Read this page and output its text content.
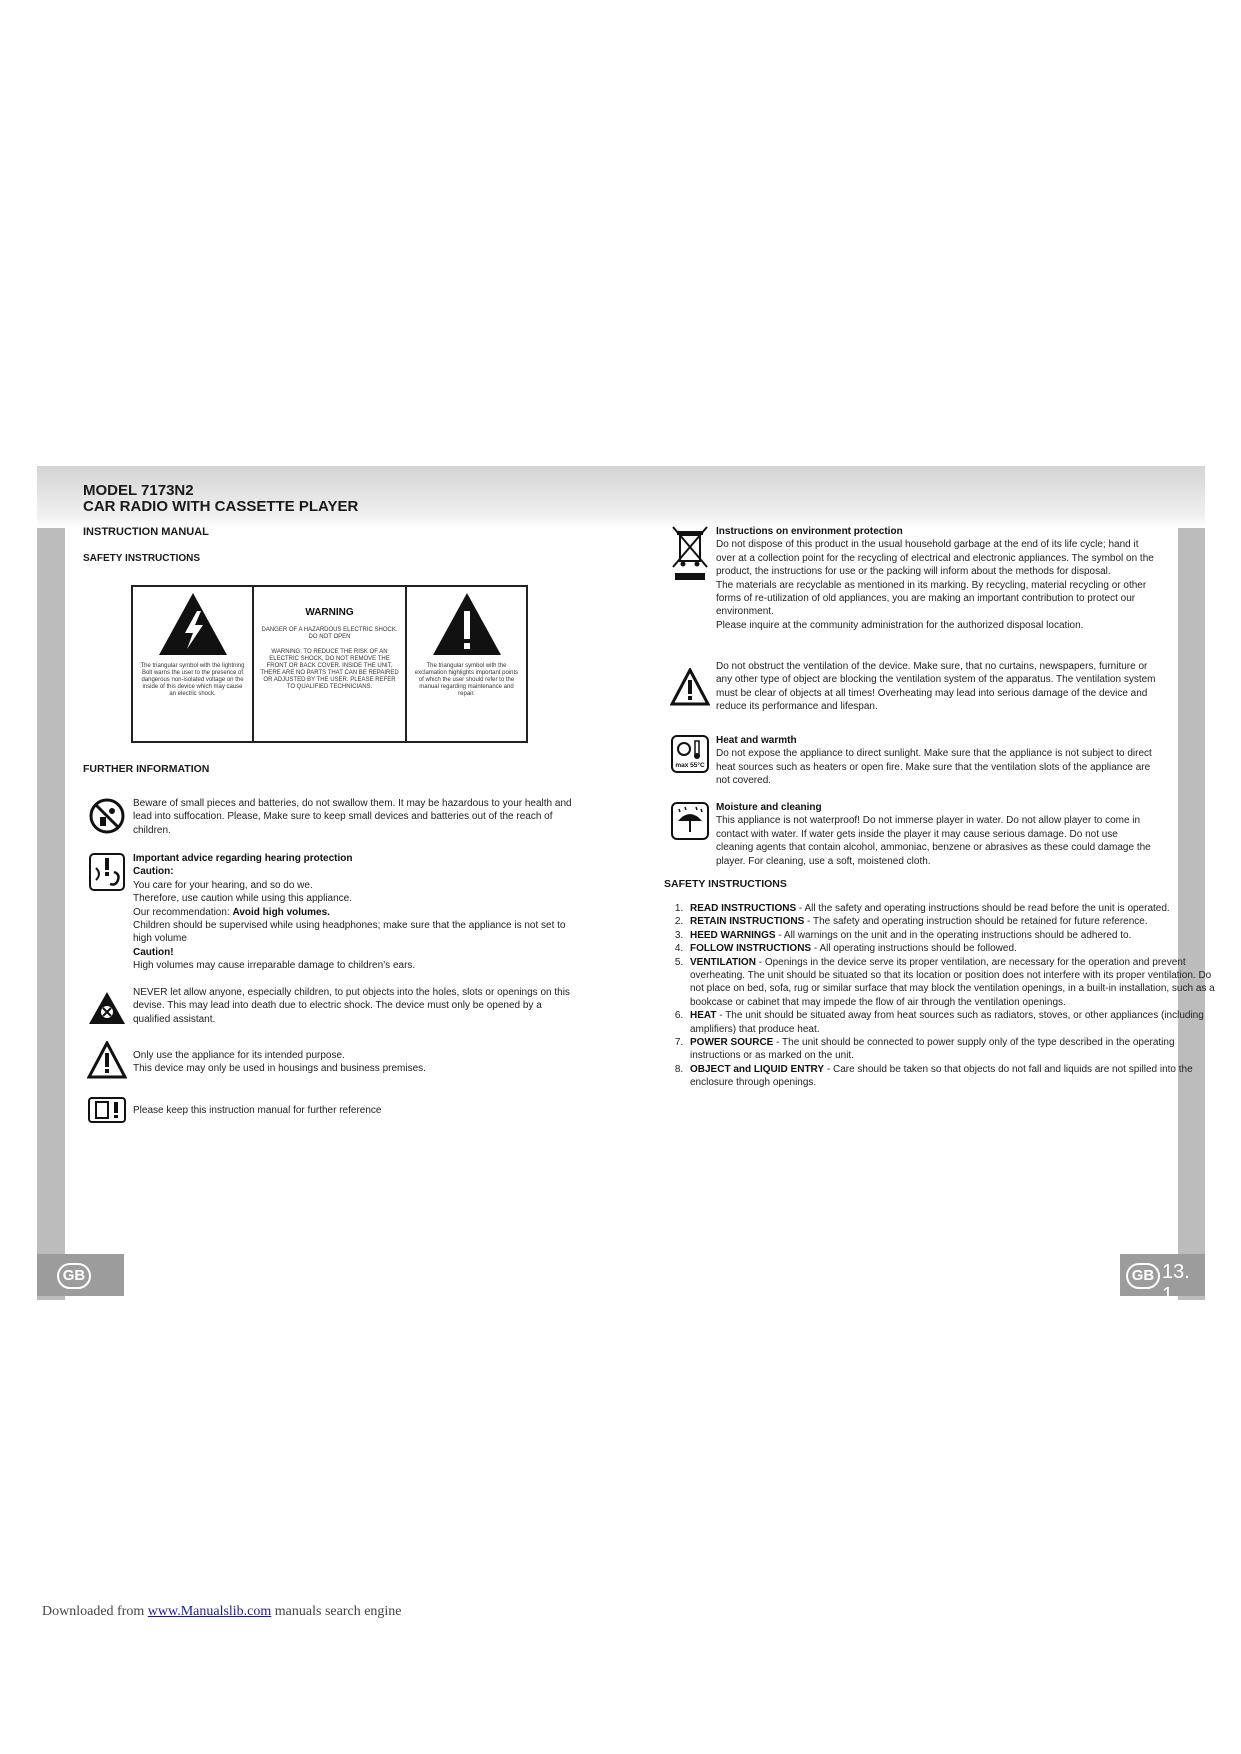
MODEL 7173N2
CAR RADIO WITH CASSETTE PLAYER
INSTRUCTION MANUAL
SAFETY INSTRUCTIONS
The triangular symbol with the lightning Bolt warns the user to the presence of dangerous non-isolated voltage on the inside of this device which may cause an electric shock.
WARNING
DANGER OF A HAZARDOUS ELECTRIC SHOCK. DO NOT OPEN
WARNING: TO REDUCE THE RISK OF AN ELECTRIC SHOCK, DO NOT REMOVE THE FRONT OR BACK COVER. INSIDE THE UNIT, THERE ARE NO PARTS THAT CAN BE REPAIRED OR ADJUSTED BY THE USER. PLEASE REFER TO QUALIFIED TECHNICIANS.
The triangular symbol with the exclamation highlights important points of which the user should refer to the manual regarding maintenance and repair.
FURTHER INFORMATION
Beware of small pieces and batteries, do not swallow them. It may be hazardous to your health and lead into suffocation. Please, Make sure to keep small devices and batteries out of the reach of children.
Important advice regarding hearing protection
Caution:
You care for your hearing, and so do we.
Therefore, use caution while using this appliance.
Our recommendation: Avoid high volumes.
Children should be supervised while using headphones; make sure that the appliance is not set to high volume
Caution!
High volumes may cause irreparable damage to children’s ears.
NEVER let allow anyone, especially children, to put objects into the holes, slots or openings on this devise. This may lead into death due to electric shock. The device must only be opened by a qualified assistant.
Only use the appliance for its intended purpose.
This device may only be used in housings and business premises.
Please keep this instruction manual for further reference
Instructions on environment protection
Do not dispose of this product in the usual household garbage at the end of its life cycle; hand it over at a collection point for the recycling of electrical and electronic appliances. The symbol on the product, the instructions for use or the packing will inform about the methods for disposal.
The materials are recyclable as mentioned in its marking. By recycling, material recycling or other forms of re-utilization of old appliances, you are making an important contribution to protect our environment.
Please inquire at the community administration for the authorized disposal location.
Do not obstruct the ventilation of the device. Make sure, that no curtains, newspapers, furniture or any other type of object are blocking the ventilation system of the apparatus. The ventilation system must be clear of objects at all times! Overheating may lead into serious damage of the device and reduce its performance and lifespan.
max 55°C
Heat and warmth
Do not expose the appliance to direct sunlight. Make sure that the appliance is not subject to direct heat sources such as heaters or open fire. Make sure that the ventilation slots of the appliance are not covered.
Moisture and cleaning
This appliance is not waterproof! Do not immerse player in water. Do not allow player to come in contact with water. If water gets inside the player it may cause serious damage. Do not use cleaning agents that contain alcohol, ammoniac, benzene or abrasives as these could damage the player. For cleaning, use a soft, moistened cloth.
SAFETY INSTRUCTIONS
1. READ INSTRUCTIONS - All the safety and operating instructions should be read before the unit is operated.
2. RETAIN INSTRUCTIONS - The safety and operating instruction should be retained for future reference.
3. HEED WARNINGS - All warnings on the unit and in the operating instructions should be adhered to.
4. FOLLOW INSTRUCTIONS - All operating instructions should be followed.
5. VENTILATION - Openings in the device serve its proper ventilation, are necessary for the operation and prevent overheating. The unit should be situated so that its location or position does not interfere with its proper ventilation. Do not place on bed, sofa, rug or similar surface that may block the ventilation openings, in a built-in installation, such as a bookcase or cabinet that may impede the flow of air through the ventilation openings.
6. HEAT - The unit should be situated away from heat sources such as radiators, stoves, or other appliances (including amplifiers) that produce heat.
7. POWER SOURCE - The unit should be connected to power supply only of the type described in the operating instructions or as marked on the unit.
8. OBJECT and LIQUID ENTRY - Care should be taken so that objects do not fall and liquids are not spilled into the enclosure through openings.
GB	GB 13. 1
Downloaded from www.Manualslib.com manuals search engine
